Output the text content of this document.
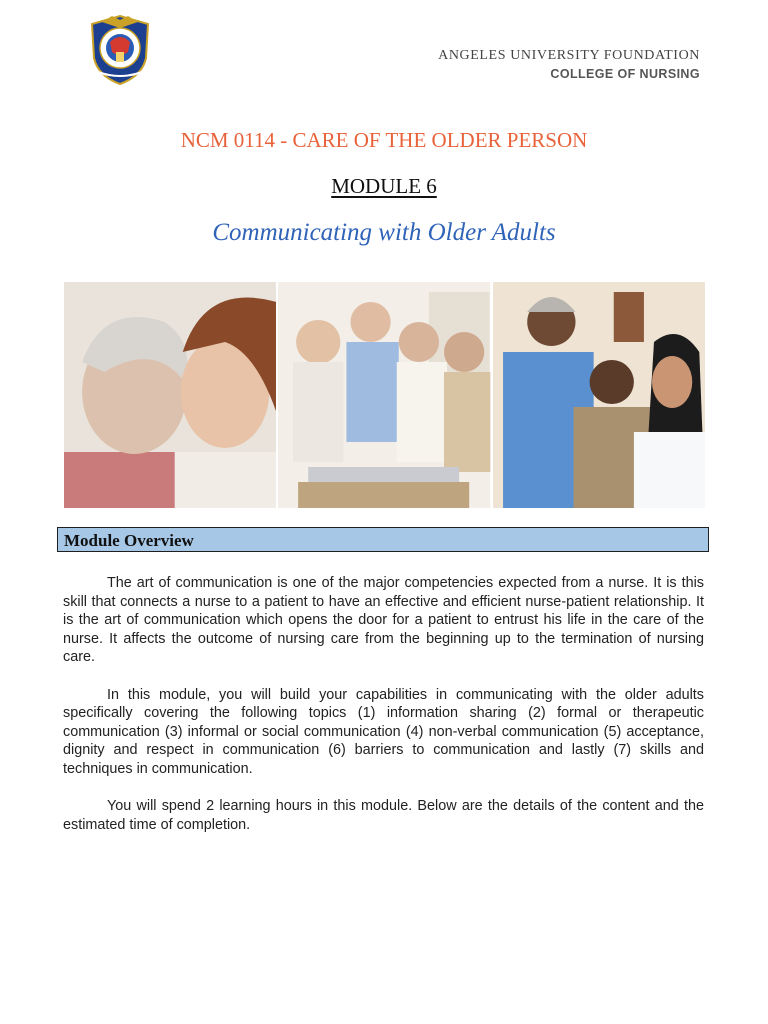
ANGELES UNIVERSITY FOUNDATION
COLLEGE OF NURSING
NCM 0114 - CARE OF THE OLDER PERSON
MODULE 6
Communicating with Older Adults
Module Overview

The art of communication is one of the major competencies expected from a nurse. It is this skill that connects a nurse to a patient to have an effective and efficient nurse-patient relationship. It is the art of communication which opens the door for a patient to entrust his life in the care of the nurse. It affects the outcome of nursing care from the beginning up to the termination of nursing care.

In this module, you will build your capabilities in communicating with the older adults specifically covering the following topics (1) information sharing (2) formal or therapeutic communication (3) informal or social communication (4) non-verbal communication (5) acceptance, dignity and respect in communication (6) barriers to communication and lastly (7) skills and techniques in communication.

You will spend 2 learning hours in this module. Below are the details of the content and the estimated time of completion.
